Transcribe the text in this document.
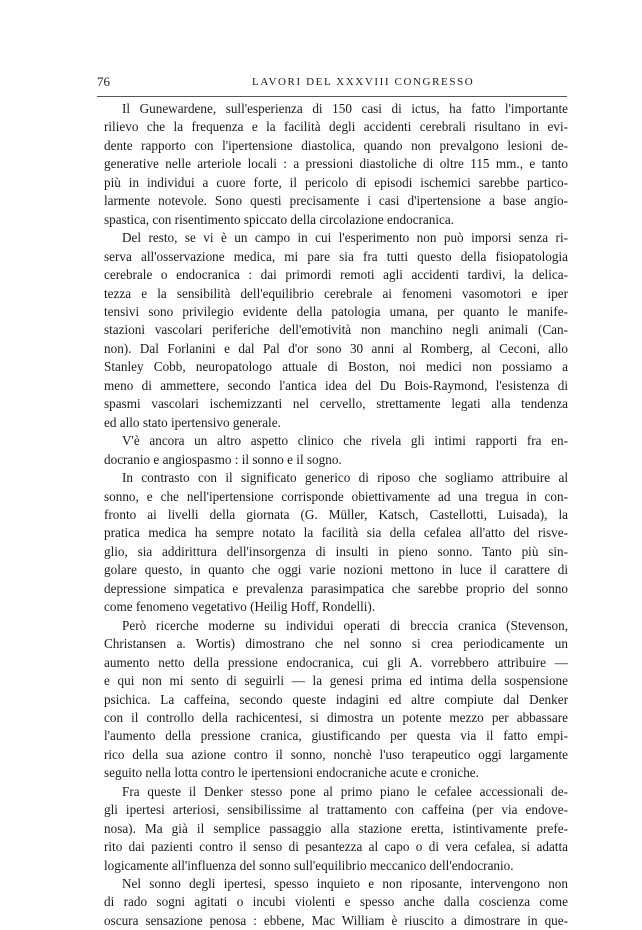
76	LAVORI DEL XXXVIII CONGRESSO
Il Gunewardene, sull'esperienza di 150 casi di ictus, ha fatto l'importante
rilievo che la frequenza e la facilità degli accidenti cerebrali risultano in evi-
dente rapporto con l'ipertensione diastolica, quando non prevalgono lesioni de-
generative nelle arteriole locali : a pressioni diastoliche di oltre 115 mm., e tanto
più in individui a cuore forte, il pericolo di episodi ischemici sarebbe partico-
larmente notevole. Sono questi precisamente i casi d'ipertensione a base angio-
spastica, con risentimento spiccato della circolazione endocranica.
Del resto, se vi è un campo in cui l'esperimento non può imporsi senza ri-
serva all'osservazione medica, mi pare sia fra tutti questo della fisiopatologia
cerebrale o endocranica : dai primordi remoti agli accidenti tardivi, la delica-
tezza e la sensibilità dell'equilibrio cerebrale ai fenomeni vasomotori e iper
tensivi sono privilegio evidente della patologia umana, per quanto le manife-
stazioni vascolari periferiche dell'emotività non manchino negli animali (Can-
non). Dal Forlanini e dal Pal d'or sono 30 anni al Romberg, al Ceconi, allo
Stanley Cobb, neuropatologo attuale di Boston, noi medici non possiamo a
meno di ammettere, secondo l'antica idea del Du Bois-Raymond, l'esistenza di
spasmi vascolari ischemizzanti nel cervello, strettamente legati alla tendenza
ed allo stato ipertensivo generale.
V'è ancora un altro aspetto clinico che rivela gli intimi rapporti fra en-
docranio e angiospasmo : il sonno e il sogno.
In contrasto con il significato generico di riposo che sogliamo attribuire al
sonno, e che nell'ipertensione corrisponde obiettivamente ad una tregua in con-
fronto ai livelli della giornata (G. Müller, Katsch, Castellotti, Luisada), la
pratica medica ha sempre notato la facilità sia della cefalea all'atto del risve-
glio, sia addirittura dell'insorgenza di insulti in pieno sonno. Tanto più sin-
golare questo, in quanto che oggi varie nozioni mettono in luce il carattere di
depressione simpatica e prevalenza parasimpatica che sarebbe proprio del sonno
come fenomeno vegetativo (Heilig Hoff, Rondelli).
Però ricerche moderne su individui operati di breccia cranica (Stevenson,
Christansen a. Wortis) dimostrano che nel sonno si crea periodicamente un
aumento netto della pressione endocranica, cui gli A. vorrebbero attribuire —
e qui non mi sento di seguirli — la genesi prima ed intima della sospensione
psichica. La caffeina, secondo queste indagini ed altre compiute dal Denker
con il controllo della rachicentesi, si dimostra un potente mezzo per abbassare
l'aumento della pressione cranica, giustificando per questa via il fatto empi-
rico della sua azione contro il sonno, nonchè l'uso terapeutico oggi largamente
seguito nella lotta contro le ipertensioni endocraniche acute e croniche.
Fra queste il Denker stesso pone al primo piano le cefalee accessionali de-
gli ipertesi arteriosi, sensibilissime al trattamento con caffeina (per via endove-
nosa). Ma già il semplice passaggio alla stazione eretta, istintivamente prefe-
rito dai pazienti contro il senso di pesantezza al capo o di vera cefalea, si adatta
logicamente all'influenza del sonno sull'equilibrio meccanico dell'endocranio.
Nel sonno degli ipertesi, spesso inquieto e non riposante, intervengono non
di rado sogni agitati o incubi violenti e spesso anche dalla coscienza come
oscura sensazione penosa : ebbene, Mac William è riuscito a dimostrare in que-
